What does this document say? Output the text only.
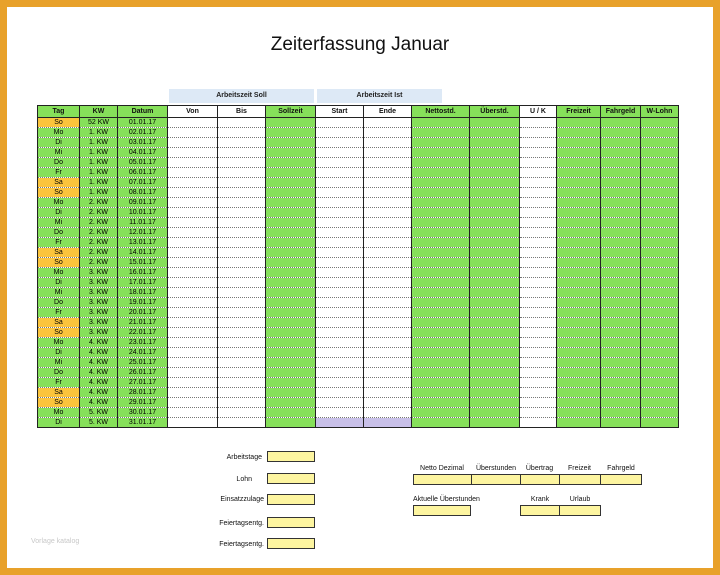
Zeiterfassung Januar
Arbeitszeit Soll	Arbeitszeit Ist
Tag	KW	Datum	Von	Bis	Sollzeit	Start	Ende	Nettostd.	Überstd.	U / K	Freizeit	Fahrgeld	W-Lohn
So	52 KW	01.01.17											
Mo	1. KW	02.01.17											
Di	1. KW	03.01.17											
Mi	1. KW	04.01.17											
Do	1. KW	05.01.17											
Fr	1. KW	06.01.17											
Sa	1. KW	07.01.17											
So	1. KW	08.01.17											
Mo	2. KW	09.01.17											
Di	2. KW	10.01.17											
Mi	2. KW	11.01.17											
Do	2. KW	12.01.17											
Fr	2. KW	13.01.17											
Sa	2. KW	14.01.17											
So	2. KW	15.01.17											
Mo	3. KW	16.01.17											
Di	3. KW	17.01.17											
Mi	3. KW	18.01.17											
Do	3. KW	19.01.17											
Fr	3. KW	20.01.17											
Sa	3. KW	21.01.17											
So	3. KW	22.01.17											
Mo	4. KW	23.01.17											
Di	4. KW	24.01.17											
Mi	4. KW	25.01.17											
Do	4. KW	26.01.17											
Fr	4. KW	27.01.17											
Sa	4. KW	28.01.17											
So	4. KW	29.01.17											
Mo	5. KW	30.01.17											
Di	5. KW	31.01.17											
Arbeitstage
Lohn
Einsatzzulage
Feiertagsentg.
Feiertagsentg.
Netto Dezimal	Überstunden	Übertrag	Freizeit	Fahrgeld
Aktuelle Überstunden	Krank	Urlaub
Vorlage katalog
